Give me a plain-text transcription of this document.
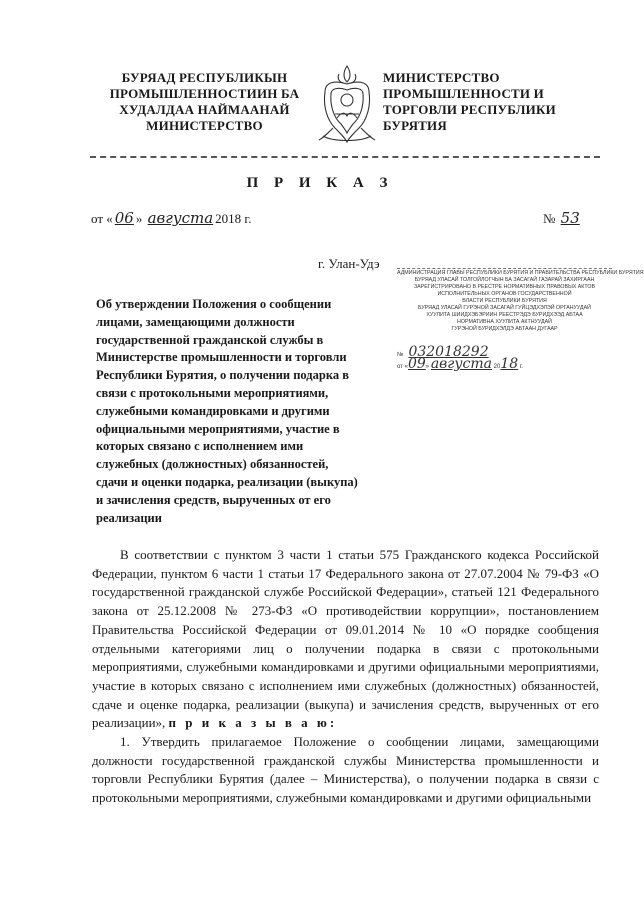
БУРЯАД РЕСПУБЛИКЫН
ПРОМЫШЛЕННОСТИИН БА
ХУДАЛДАА НАЙМААНАЙ
МИНИСТЕРСТВО
МИНИСТЕРСТВО
ПРОМЫШЛЕННОСТИ И
ТОРГОВЛИ РЕСПУБЛИКИ
БУРЯТИЯ
П Р И К А З
от « 06 » августа 2018 г.	№ 53
г. Улан-Удэ
Об утверждении Положения о сообщении
лицами, замещающими должности
государственной гражданской службы в
Министерстве промышленности и торговли
Республики Бурятия, о получении подарка в
связи с протокольными мероприятиями,
служебными командировками и другими
официальными мероприятиями, участие в
которых связано с исполнением ими
служебных (должностных) обязанностей,
сдачи и оценки подарка, реализации (выкупа)
и зачисления средств, вырученных от его
реализации
АДМИНИСТРАЦИЯ ГЛАВЫ РЕСПУБЛИКИ БУРЯТИЯ И ПРАВИТЕЛЬСТВА РЕСПУБЛИКИ БУРЯТИЯ
БУРЯАД УЛАСАЙ ТОЛГОЙЛОГЧЫН БА ЗАСАГАЙ ГАЗАРАЙ ЗАХИРГААН
ЗАРЕГИСТРИРОВАНО В РЕЕСТРЕ НОРМАТИВНЫХ ПРАВОВЫХ АКТОВ
ИСПОЛНИТЕЛЬНЫХ ОРГАНОВ ГОСУДАРСТВЕННОЙ
ВЛАСТИ РЕСПУБЛИКИ БУРЯТИЯ
БУРЯАД УЛАСАЙ ГУРЭНОЙ ЗАСАГАЙ ГУЙЦЭДХЭЛЭЙ ОРГАНУУДАЙ
ХУУЛИТА ШИИДХЭБЭРИИН РЕЕСТРЭДЭ БУРИДХЭЭД АБТАА
НОРМАТИВНА ХУУЛИТА АКТНУУДАЙ
ГУРЭНОЙ БУРИДХЭЛДЭ АБТААН ДУГААР
№ 032018292
от «09» августа 2018 г.

В соответствии с пунктом 3 части 1 статьи 575 Гражданского кодекса Российской Федерации, пунктом 6 части 1 статьи 17 Федерального закона от 27.07.2004 № 79-ФЗ «О государственной гражданской службе Российской Федерации», статьей 121 Федерального закона от 25.12.2008 № 273-ФЗ «О противодействии коррупции», постановлением Правительства Российской Федерации от 09.01.2014 № 10 «О порядке сообщения отдельными категориями лиц о получении подарка в связи с протокольными мероприятиями, служебными командировками и другими официальными мероприятиями, участие в которых связано с исполнением ими служебных (должностных) обязанностей, сдаче и оценке подарка, реализации (выкупа) и зачисления средств, вырученных от его реализации», п р и к а з ы в а ю:

1. Утвердить прилагаемое Положение о сообщении лицами, замещающими должности государственной гражданской службы Министерства промышленности и торговли Республики Бурятия (далее – Министерства), о получении подарка в связи с протокольными мероприятиями, служебными командировками и другими официальными
